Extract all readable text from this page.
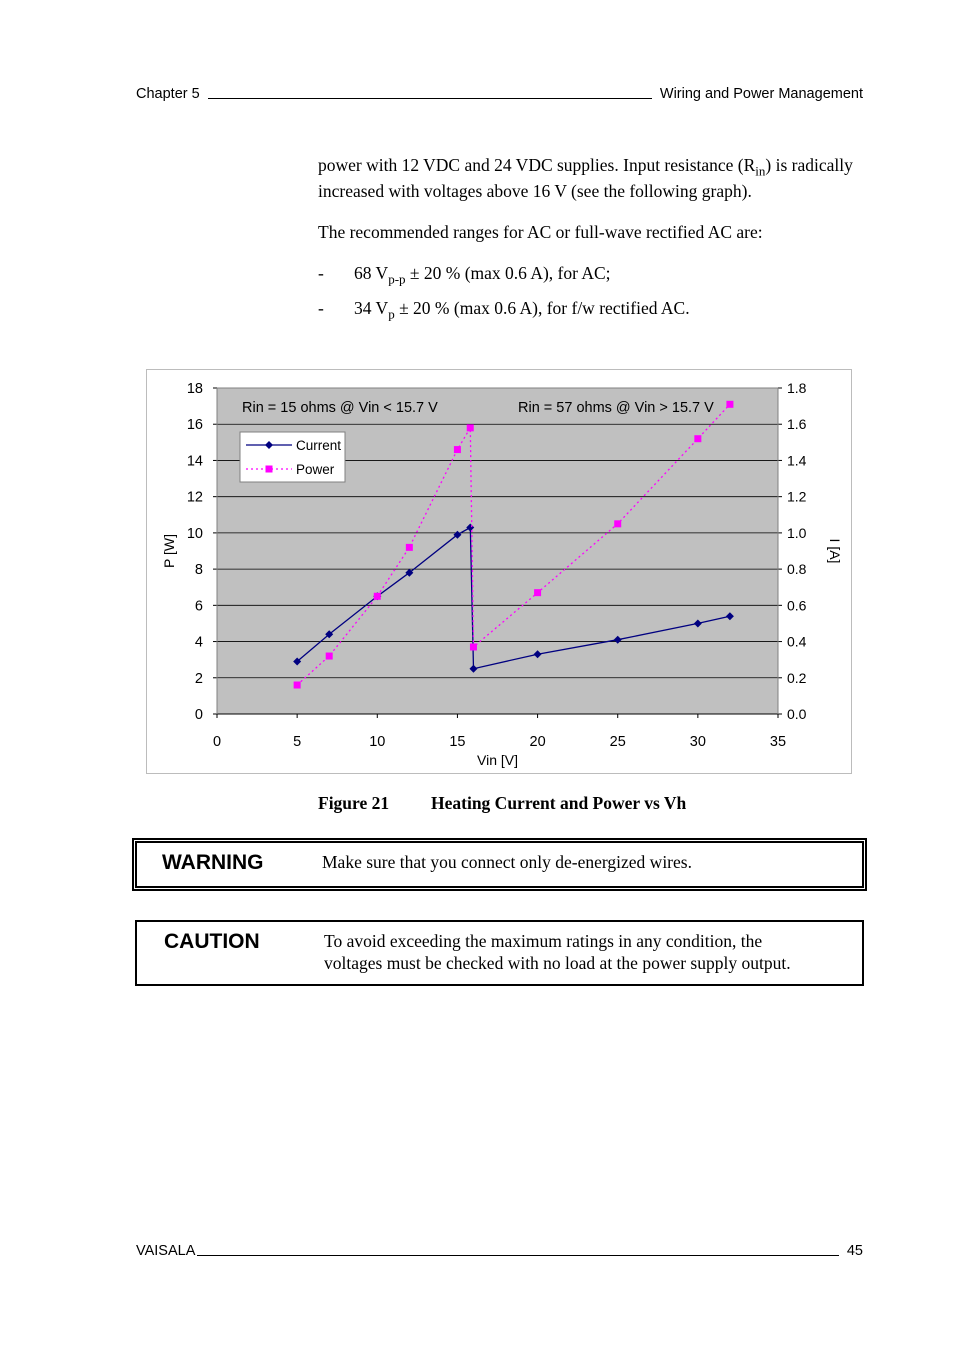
Chapter 5	Wiring and Power Management

power with 12 VDC and 24 VDC supplies. Input resistance $(R_{in})$ is radically increased with voltages above 16 V (see the following graph).

The recommended ranges for AC or full-wave rectified AC are:

-	68 $V_{p-p} \pm 20$ % (max 0.6 A), for AC;
-	34 $V_p \pm 20$ % (max 0.6 A), for f/w rectified AC.
0
2
4
6
8
10
12
14
16
18
0.0
0.2
0.4
0.6
0.8
1.0
1.2
1.4
1.6
1.8
0	5	10	15	20	25	30	35
Vin [V]
P [W]	I [A]
Rin = 15 ohms @ Vin < 15.7 V	Rin = 57 ohms @ Vin > 15.7 V
Current
Power
Figure 21	Heating Current and Power vs Vh
WARNING	Make sure that you connect only de-energized wires.
CAUTION	To avoid exceeding the maximum ratings in any condition, the
voltages must be checked with no load at the power supply output.
VAISALA	45
